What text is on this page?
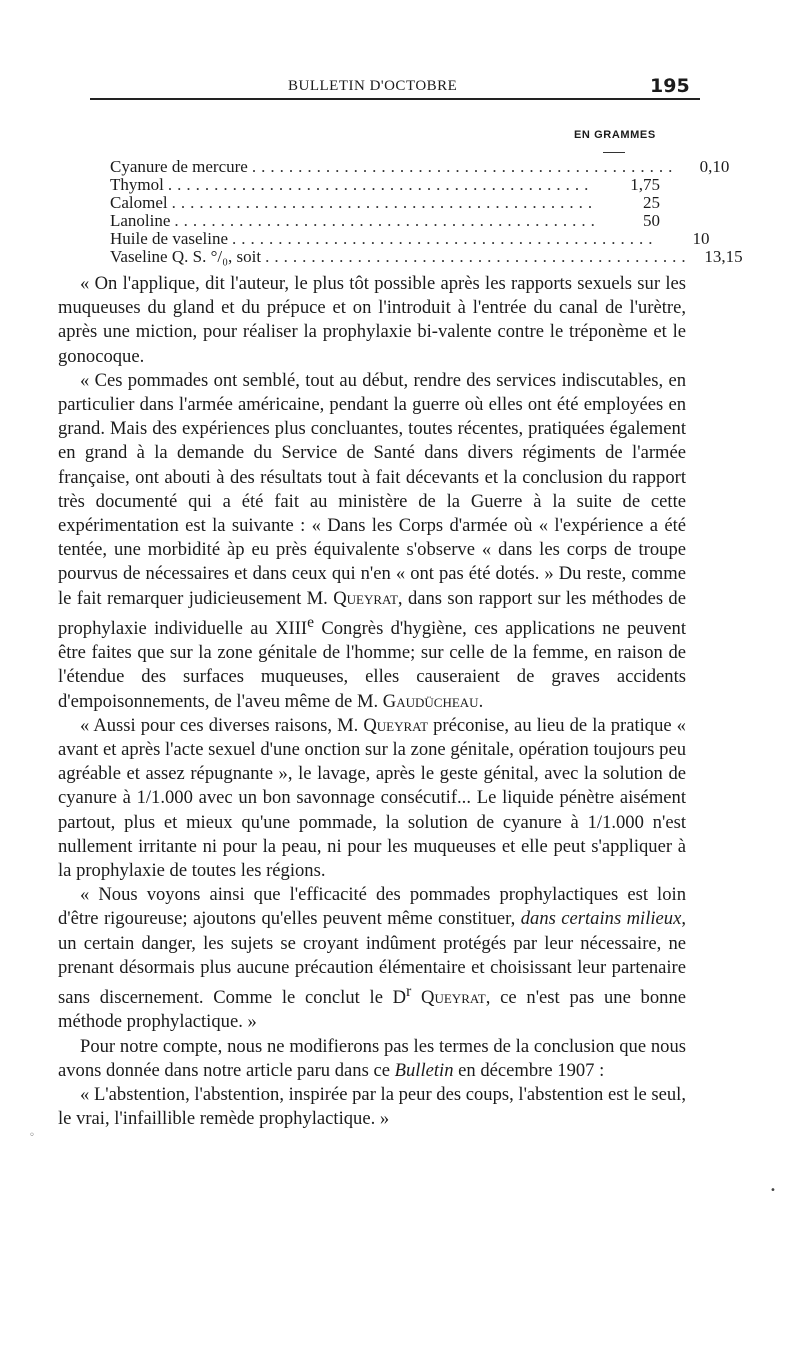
BULLETIN D'OCTOBRE	195
EN GRAMMES
Cyanure de mercure ..............................................	0,10
Thymol ..............................................	1,75
Calomel ..............................................	25
Lanoline ..............................................	50
Huile de vaseline ..............................................	10
Vaseline Q. S. °/₀, soit .............................................. 13,15

« On l'applique, dit l'auteur, le plus tôt possible après les rapports sexuels sur les muqueuses du gland et du prépuce et on l'introduit à l'entrée du canal de l'urètre, après une miction, pour réaliser la prophylaxie bi-valente contre le tréponème et le gonocoque.

« Ces pommades ont semblé, tout au début, rendre des services indiscutables, en particulier dans l'armée américaine, pendant la guerre où elles ont été employées en grand. Mais des expériences plus concluantes, toutes récentes, pratiquées également en grand à la demande du Service de Santé dans divers régiments de l'armée française, ont abouti à des résultats tout à fait décevants et la conclusion du rapport très documenté qui a été fait au ministère de la Guerre à la suite de cette expérimentation est la suivante : « Dans les Corps d'armée où « l'expérience a été tentée, une morbidité àp eu près équivalente s'observe « dans les corps de troupe pourvus de nécessaires et dans ceux qui n'en « ont pas été dotés. » Du reste, comme le fait remarquer judicieusement M. Queyrat, dans son rapport sur les méthodes de prophylaxie individuelle au XIIIe Congrès d'hygiène, ces applications ne peuvent être faites que sur la zone génitale de l'homme; sur celle de la femme, en raison de l'étendue des surfaces muqueuses, elles causeraient de graves accidents d'empoisonnements, de l'aveu même de M. Gaudücheau.

« Aussi pour ces diverses raisons, M. Queyrat préconise, au lieu de la pratique « avant et après l'acte sexuel d'une onction sur la zone génitale, opération toujours peu agréable et assez répugnante », le lavage, après le geste génital, avec la solution de cyanure à 1/1.000 avec un bon savonnage consécutif... Le liquide pénètre aisément partout, plus et mieux qu'une pommade, la solution de cyanure à 1/1.000 n'est nullement irritante ni pour la peau, ni pour les muqueuses et elle peut s'appliquer à la prophylaxie de toutes les régions.

« Nous voyons ainsi que l'efficacité des pommades prophylactiques est loin d'être rigoureuse; ajoutons qu'elles peuvent même constituer, dans certains milieux, un certain danger, les sujets se croyant indûment protégés par leur nécessaire, ne prenant désormais plus aucune précaution élémentaire et choisissant leur partenaire sans discernement. Comme le conclut le $D^r$ Queyrat, ce n'est pas une bonne méthode prophylactique. »

Pour notre compte, nous ne modifierons pas les termes de la conclusion que nous avons donnée dans notre article paru dans ce Bulletin en décembre 1907 :

« L'abstention, l'abstention, inspirée par la peur des coups, l'abstention est le seul, le vrai, l'infaillible remède prophylactique. »

◦
•
